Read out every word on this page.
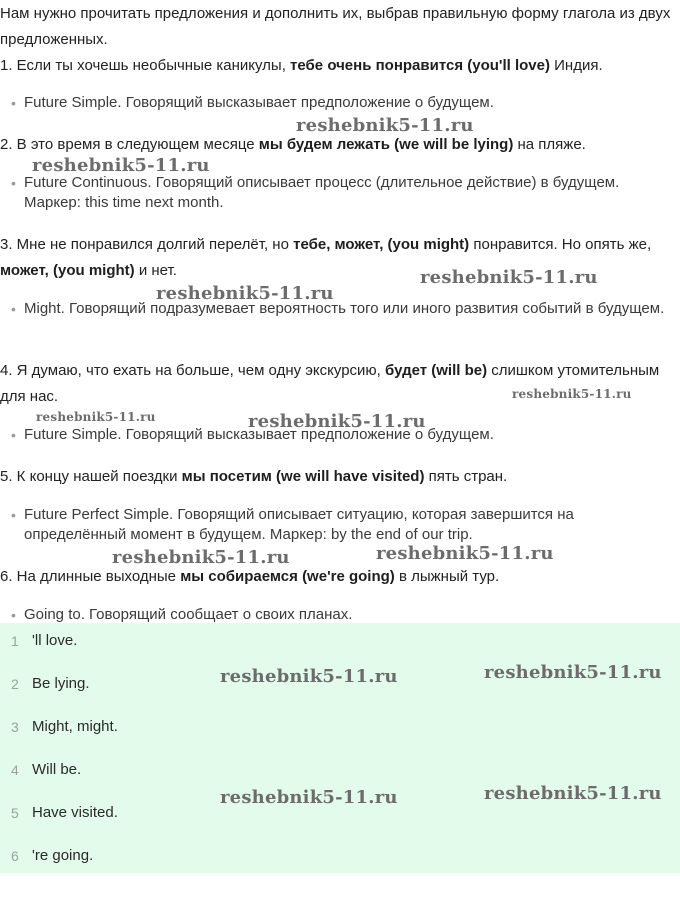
Нам нужно прочитать предложения и дополнить их, выбрав правильную форму глагола из двух предложенных.

1. Если ты хочешь необычные каникулы, тебе очень понравится (you'll love) Индия.

• Future Simple. Говорящий высказывает предположение о будущем.

2. В это время в следующем месяце мы будем лежать (we will be lying) на пляже.

• Future Continuous. Говорящий описывает процесс (длительное действие) в будущем. Маркер: this time next month.

3. Мне не понравился долгий перелёт, но тебе, может, (you might) понравится. Но опять же, может, (you might) и нет.

• Might. Говорящий подразумевает вероятность того или иного развития событий в будущем.

4. Я думаю, что ехать на больше, чем одну экскурсию, будет (will be) слишком утомительным для нас.

• Future Simple. Говорящий высказывает предположение о будущем.

5. К концу нашей поездки мы посетим (we will have visited) пять стран.

• Future Perfect Simple. Говорящий описывает ситуацию, которая завершится на определённый момент в будущем. Маркер: by the end of our trip.

6. На длинные выходные мы собираемся (we're going) в лыжный тур.

• Going to. Говорящий сообщает о своих планах.
1 'll love.
2 Be lying.
3 Might, might.
4 Will be.
5 Have visited.
6 're going.
reshebnik5-11.ru
reshebnik5-11.ru
reshebnik5-11.ru
reshebnik5-11.ru
reshebnik5-11.ru
reshebnik5-11.ru	reshebnik5-11.ru
reshebnik5-11.ru
reshebnik5-11.ru
reshebnik5-11.ru
reshebnik5-11.ru
reshebnik5-11.ru
reshebnik5-11.ru
